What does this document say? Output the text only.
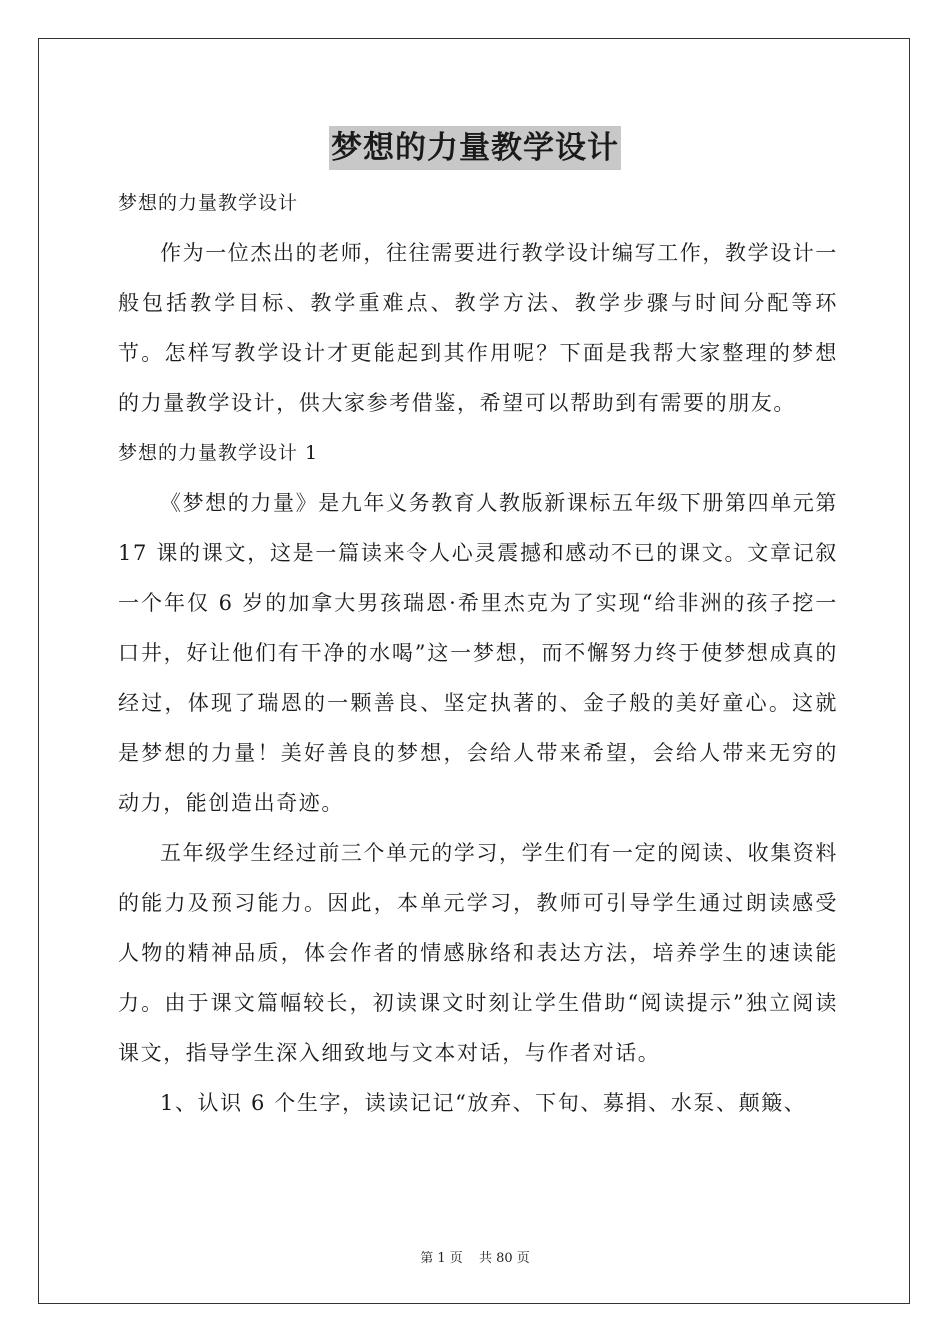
梦想的力量教学设计
梦想的力量教学设计

作为一位杰出的老师，往往需要进行教学设计编写工作，教学设计一般包括教学目标、教学重难点、教学方法、教学步骤与时间分配等环节。怎样写教学设计才更能起到其作用呢？下面是我帮大家整理的梦想的力量教学设计，供大家参考借鉴，希望可以帮助到有需要的朋友。

梦想的力量教学设计 1

《梦想的力量》是九年义务教育人教版新课标五年级下册第四单元第 17 课的课文，这是一篇读来令人心灵震撼和感动不已的课文。文章记叙一个年仅 6 岁的加拿大男孩瑞恩·希里杰克为了实现“给非洲的孩子挖一口井，好让他们有干净的水喝”这一梦想，而不懈努力终于使梦想成真的经过，体现了瑞恩的一颗善良、坚定执著的、金子般的美好童心。这就是梦想的力量！美好善良的梦想，会给人带来希望，会给人带来无穷的动力，能创造出奇迹。

五年级学生经过前三个单元的学习，学生们有一定的阅读、收集资料的能力及预习能力。因此，本单元学习，教师可引导学生通过朗读感受人物的精神品质，体会作者的情感脉络和表达方法，培养学生的速读能力。由于课文篇幅较长，初读课文时刻让学生借助“阅读提示”独立阅读课文，指导学生深入细致地与文本对话，与作者对话。

1、认识 6 个生字，读读记记“放弃、下旬、募捐、水泵、颠簸、

第 1 页 共 80 页
